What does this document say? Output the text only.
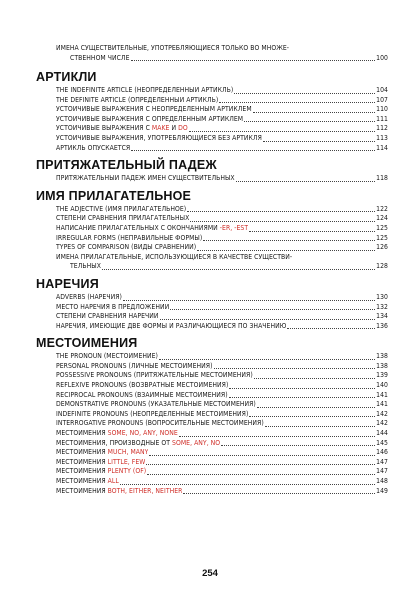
ИМЕНА СУЩЕСТВИТЕЛЬНЫЕ, УПОТРЕБЛЯЮЩИЕСЯ ТОЛЬКО ВО МНОЖЕ-
СТВЕННОМ ЧИСЛЕ	100
АРТИКЛИ
THE INDEFINITE ARTICLE (НЕОПРЕДЕЛЕННЫЙ АРТИКЛЬ)	104
THE DEFINITE ARTICLE (ОПРЕДЕЛЕННЫЙ АРТИКЛЬ)	107
УСТОЙЧИВЫЕ ВЫРАЖЕНИЯ С НЕОПРЕДЕЛЕННЫМ АРТИКЛЕМ	110
УСТОЙЧИВЫЕ ВЫРАЖЕНИЯ С ОПРЕДЕЛЕННЫМ АРТИКЛЕМ	111
УСТОЙЧИВЫЕ ВЫРАЖЕНИЯ С MAKE И DO	112
УСТОЙЧИВЫЕ ВЫРАЖЕНИЯ, УПОТРЕБЛЯЮЩИЕСЯ БЕЗ АРТИКЛЯ	113
АРТИКЛЬ ОПУСКАЕТСЯ	114
ПРИТЯЖАТЕЛЬНЫЙ ПАДЕЖ
ПРИТЯЖАТЕЛЬНЫЙ ПАДЕЖ ИМЕН СУЩЕСТВИТЕЛЬНЫХ	118
ИМЯ ПРИЛАГАТЕЛЬНОЕ
THE ADJECTIVE (ИМЯ ПРИЛАГАТЕЛЬНОЕ)	122
СТЕПЕНИ СРАВНЕНИЯ ПРИЛАГАТЕЛЬНЫХ	124
НАПИСАНИЕ ПРИЛАГАТЕЛЬНЫХ С ОКОНЧАНИЯМИ -ER, -EST	125
IRREGULAR FORMS (НЕПРАВИЛЬНЫЕ ФОРМЫ)	125
TYPES OF COMPARISON (ВИДЫ СРАВНЕНИЙ)	126
ИМЕНА ПРИЛАГАТЕЛЬНЫЕ, ИСПОЛЬЗУЮЩИЕСЯ В КАЧЕСТВЕ СУЩЕСТВИ-
ТЕЛЬНЫХ	128
НАРЕЧИЯ
ADVERBS (НАРЕЧИЯ)	130
МЕСТО НАРЕЧИЯ В ПРЕДЛОЖЕНИИ	132
СТЕПЕНИ СРАВНЕНИЯ НАРЕЧИЙ	134
НАРЕЧИЯ, ИМЕЮЩИЕ ДВЕ ФОРМЫ И РАЗЛИЧАЮЩИЕСЯ ПО ЗНАЧЕНИЮ	136
МЕСТОИМЕНИЯ
THE PRONOUN (МЕСТОИМЕНИЕ)	138
PERSONAL PRONOUNS (ЛИЧНЫЕ МЕСТОИМЕНИЯ)	138
POSSESSIVE PRONOUNS (ПРИТЯЖАТЕЛЬНЫЕ МЕСТОИМЕНИЯ)	139
REFLEXIVE PRONOUNS (ВОЗВРАТНЫЕ МЕСТОИМЕНИЯ)	140
RECIPROCAL PRONOUNS (ВЗАИМНЫЕ МЕСТОИМЕНИЯ)	141
DEMONSTRATIVE PRONOUNS (УКАЗАТЕЛЬНЫЕ МЕСТОИМЕНИЯ)	141
INDEFINITE PRONOUNS (НЕОПРЕДЕЛЕННЫЕ МЕСТОИМЕНИЯ)	142
INTERROGATIVE PRONOUNS (ВОПРОСИТЕЛЬНЫЕ МЕСТОИМЕНИЯ)	142
МЕСТОИМЕНИЯ SOME, NO, ANY, NONE	144
МЕСТОИМЕНИЯ, ПРОИЗВОДНЫЕ ОТ SOME, ANY, NO	145
МЕСТОИМЕНИЯ MUCH, MANY	146
МЕСТОИМЕНИЯ LITTLE, FEW	147
МЕСТОИМЕНИЯ PLENTY (OF)	147
МЕСТОИМЕНИЯ ALL	148
МЕСТОИМЕНИЯ BOTH, EITHER, NEITHER	149
254
